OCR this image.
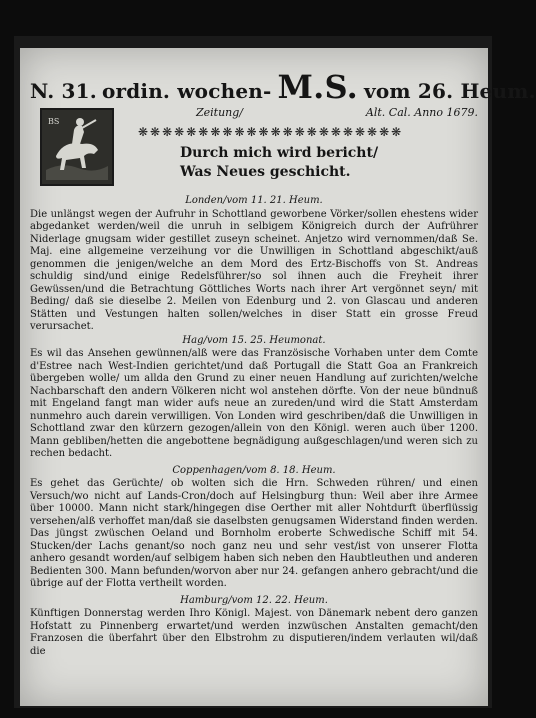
N. 31. ordin. wochen- M.S. vom 26. Heum.
Zeitung/	Alt. Cal. Anno 1679.
BS
❋❋❋❋❋❋❋❋❋❋❋❋❋❋❋❋❋❋❋❋❋❋
Durch mich wird bericht/
Was Neues geschicht.

Londen/vom 11. 21. Heum.

Die unlängst wegen der Aufruhr in Schottland geworbene Vörker/sollen ehestens wider abgedanket werden/weil die unruh in selbigem Königreich durch der Aufrührer Niderlage gnugsam wider gestillet zuseyn scheinet. Anjetzo wird vernommen/daß Se. Maj. eine allgemeine verzeihung vor die Unwilligen in Schottland abgeschikt/auß genommen die jenigen/welche an dem Mord des Ertz-Bischoffs von St. Andreas schuldig sind/und einige Redelsführer/so sol ihnen auch die Freyheit ihrer Gewüssen/und die Betrachtung Göttliches Worts nach ihrer Art vergönnet seyn/ mit Beding/ daß sie dieselbe 2. Meilen von Edenburg und 2. von Glascau und anderen Stätten und Vestungen halten sollen/welches in diser Statt ein grosse Freud verursachet.

Hag/vom 15. 25. Heumonat.

Es wil das Ansehen gewünnen/alß were das Französische Vorhaben unter dem Comte d'Estree nach West-Indien gerichtet/und daß Portugall die Statt Goa an Frankreich übergeben wolle/ um allda den Grund zu einer neuen Handlung auf zurichten/welche Nachbarschaft den andern Völkeren nicht wol anstehen dörfte. Von der neue bündnuß mit Engeland fangt man wider aufs neue an zureden/und wird die Statt Amsterdam nunmehro auch darein verwilligen. Von Londen wird geschriben/daß die Unwilligen in Schottland zwar den kürzern gezogen/allein von den Königl. weren auch über 1200. Mann gebliben/hetten die angebottene begnädigung außgeschlagen/und weren sich zu rechen bedacht.

Coppenhagen/vom 8. 18. Heum.

Es gehet das Gerüchte/ ob wolten sich die Hrn. Schweden rühren/ und einen Versuch/wo nicht auf Lands-Cron/doch auf Helsingburg thun: Weil aber ihre Armee über 10000. Mann nicht stark/hingegen dise Oerther mit aller Nohtdurft überflüssig versehen/alß verhoffet man/daß sie daselbsten genugsamen Widerstand finden werden. Das jüngst zwüschen Oeland und Bornholm eroberte Schwedische Schiff mit 54. Stucken/der Lachs genant/so noch ganz neu und sehr vest/ist von unserer Flotta anhero gesandt worden/auf selbigem haben sich neben den Haubtleuthen und anderen Bedienten 300. Mann befunden/worvon aber nur 24. gefangen anhero gebracht/und die übrige auf der Flotta vertheilt worden.

Hamburg/vom 12. 22. Heum.

Künftigen Donnerstag werden Ihro Königl. Majest. von Dänemark nebent dero ganzen Hofstatt zu Pinnenberg erwartet/und werden inzwüschen Anstalten gemacht/den Franzosen die überfahrt über den Elbstrohm zu disputieren/indem verlauten wil/daß die
